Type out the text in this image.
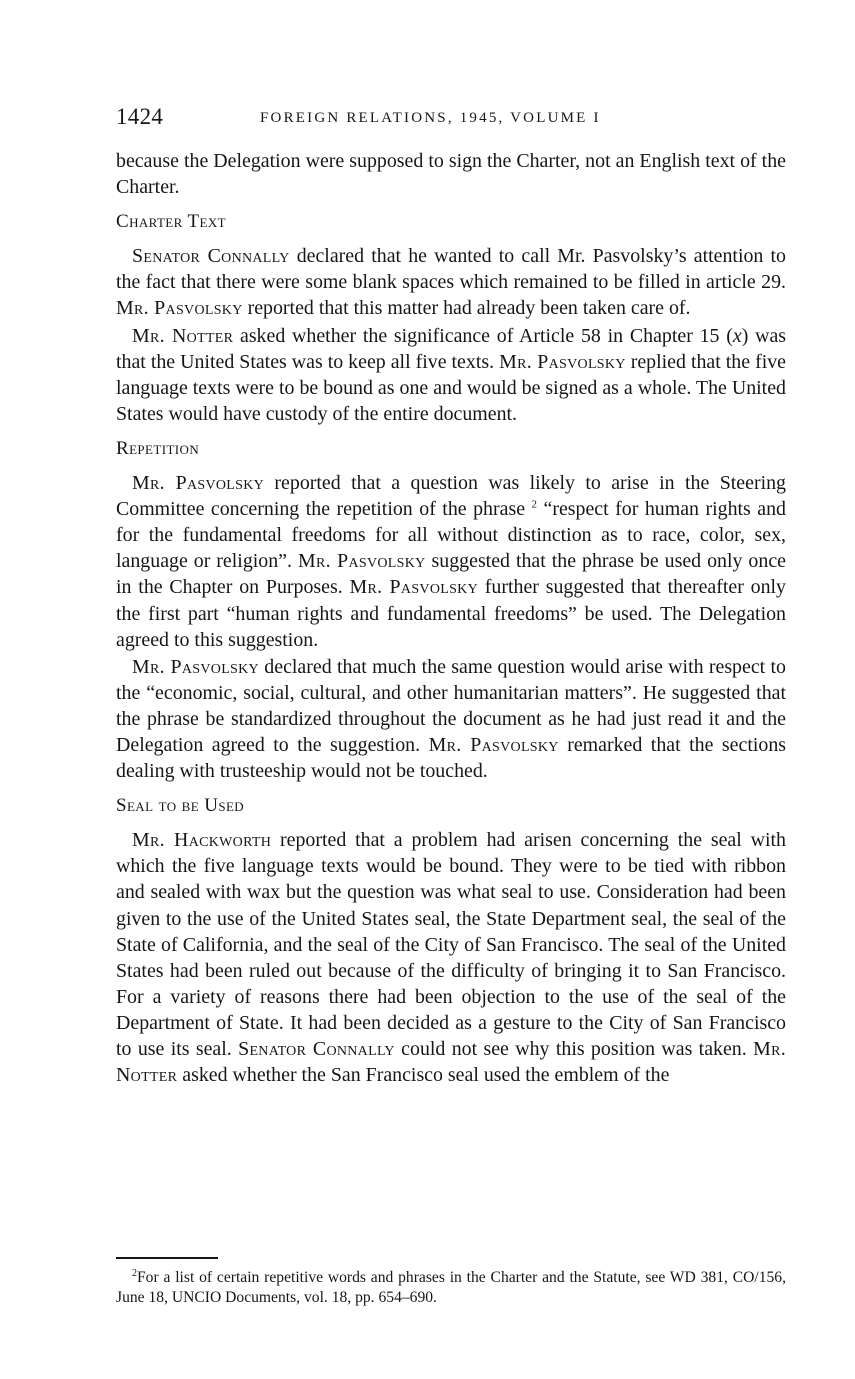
1424	FOREIGN RELATIONS, 1945, VOLUME I

because the Delegation were supposed to sign the Charter, not an English text of the Charter.

Charter Text

Senator Connally declared that he wanted to call Mr. Pasvolsky’s attention to the fact that there were some blank spaces which remained to be filled in article 29. Mr. Pasvolsky reported that this matter had already been taken care of.

Mr. Notter asked whether the significance of Article 58 in Chapter 15 (x) was that the United States was to keep all five texts. Mr. Pasvolsky replied that the five language texts were to be bound as one and would be signed as a whole. The United States would have custody of the entire document.

Repetition

Mr. Pasvolsky reported that a question was likely to arise in the Steering Committee concerning the repetition of the phrase $^2$ “respect for human rights and for the fundamental freedoms for all without distinction as to race, color, sex, language or religion”. Mr. Pasvolsky suggested that the phrase be used only once in the Chapter on Purposes. Mr. Pasvolsky further suggested that thereafter only the first part “human rights and fundamental freedoms” be used. The Delegation agreed to this suggestion.

Mr. Pasvolsky declared that much the same question would arise with respect to the “economic, social, cultural, and other humanitarian matters”. He suggested that the phrase be standardized throughout the document as he had just read it and the Delegation agreed to the suggestion. Mr. Pasvolsky remarked that the sections dealing with trusteeship would not be touched.

Seal to be Used

Mr. Hackworth reported that a problem had arisen concerning the seal with which the five language texts would be bound. They were to be tied with ribbon and sealed with wax but the question was what seal to use. Consideration had been given to the use of the United States seal, the State Department seal, the seal of the State of California, and the seal of the City of San Francisco. The seal of the United States had been ruled out because of the difficulty of bringing it to San Francisco. For a variety of reasons there had been objection to the use of the seal of the Department of State. It had been decided as a gesture to the City of San Francisco to use its seal. Senator Connally could not see why this position was taken. Mr. Notter asked whether the San Francisco seal used the emblem of the

$^2$For a list of certain repetitive words and phrases in the Charter and the Statute, see WD 381, CO/156, June 18, UNCIO Documents, vol. 18, pp. 654–690.
